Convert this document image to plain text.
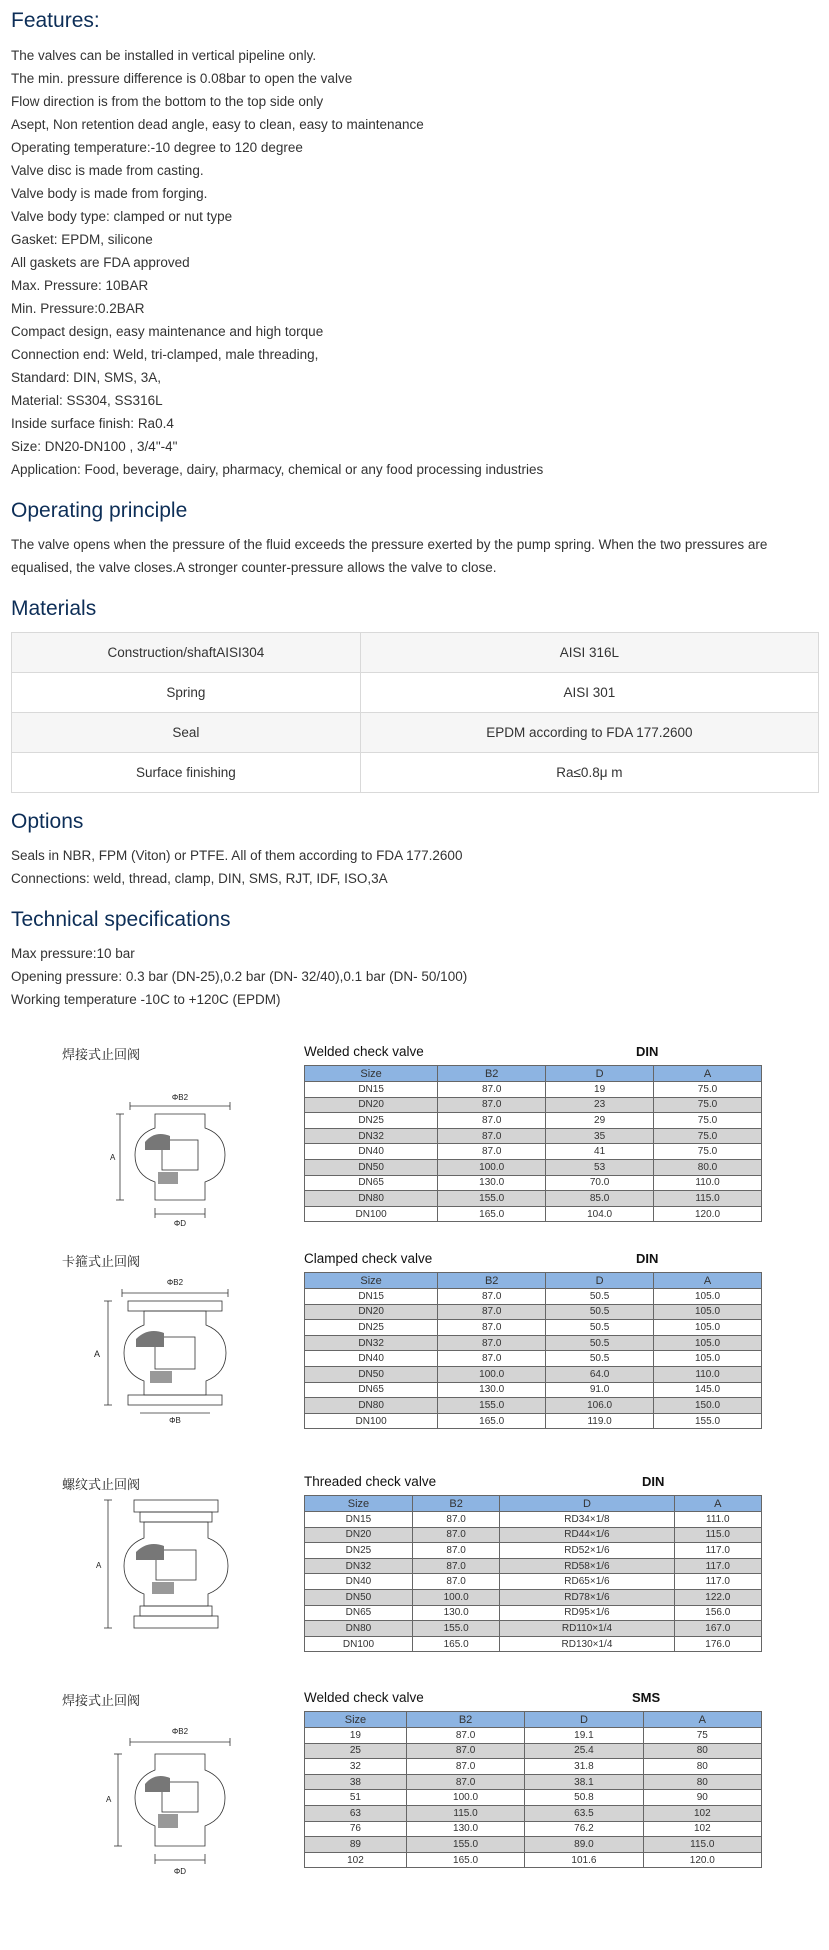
Features:

The valves can be installed in vertical pipeline only.

The min. pressure difference is 0.08bar to open the valve

Flow direction is from the bottom to the top side only

Asept, Non retention dead angle, easy to clean, easy to maintenance

Operating temperature:-10 degree to 120 degree

Valve disc is made from casting.

Valve body is made from forging.

Valve body type: clamped or nut type

Gasket: EPDM, silicone

All gaskets are FDA approved

Max. Pressure: 10BAR

Min. Pressure:0.2BAR

Compact design, easy maintenance and high torque

Connection end: Weld, tri-clamped, male threading,

Standard: DIN, SMS, 3A,

Material: SS304, SS316L

Inside surface finish: Ra0.4

Size: DN20-DN100 , 3/4"-4"

Application: Food, beverage, dairy, pharmacy, chemical or any food processing industries

Operating principle

The valve opens when the pressure of the fluid exceeds the pressure exerted by the pump spring. When the two pressures are equalised, the valve closes.A stronger counter-pressure allows the valve to close.

Materials
Construction/shaftAISI304	AISI 316L
Spring	AISI 301
Seal	EPDM according to FDA 177.2600
Surface finishing	Ra≤0.8μ m
Options

Seals in NBR, FPM (Viton) or PTFE. All of them according to FDA 177.2600

Connections: weld, thread, clamp, DIN, SMS, RJT, IDF, ISO,3A

Technical specifications

Max pressure:10 bar

Opening pressure: 0.3 bar (DN-25),0.2 bar (DN- 32/40),0.1 bar (DN- 50/100)

Working temperature -10C to +120C (EPDM)

焊接式止回阀
ΦB2
A
ΦD
Welded check valve	DIN
Size	B2	D	A
DN15	87.0	19	75.0
DN20	87.0	23	75.0
DN25	87.0	29	75.0
DN32	87.0	35	75.0
DN40	87.0	41	75.0
DN50	100.0	53	80.0
DN65	130.0	70.0	110.0
DN80	155.0	85.0	115.0
DN100	165.0	104.0	120.0
卡箍式止回阀
ΦB2
A
ΦB
Clamped check valve	DIN
Size	B2	D	A
DN15	87.0	50.5	105.0
DN20	87.0	50.5	105.0
DN25	87.0	50.5	105.0
DN32	87.0	50.5	105.0
DN40	87.0	50.5	105.0
DN50	100.0	64.0	110.0
DN65	130.0	91.0	145.0
DN80	155.0	106.0	150.0
DN100	165.0	119.0	155.0
螺纹式止回阀
A
Threaded check valve	DIN
Size	B2	D	A
DN15	87.0	RD34×1/8	111.0
DN20	87.0	RD44×1/6	115.0
DN25	87.0	RD52×1/6	117.0
DN32	87.0	RD58×1/6	117.0
DN40	87.0	RD65×1/6	117.0
DN50	100.0	RD78×1/6	122.0
DN65	130.0	RD95×1/6	156.0
DN80	155.0	RD110×1/4	167.0
DN100	165.0	RD130×1/4	176.0
焊接式止回阀
ΦB2
A
ΦD
Welded check valve	SMS
Size	B2	D	A
19	87.0	19.1	75
25	87.0	25.4	80
32	87.0	31.8	80
38	87.0	38.1	80
51	100.0	50.8	90
63	115.0	63.5	102
76	130.0	76.2	102
89	155.0	89.0	115.0
102	165.0	101.6	120.0
